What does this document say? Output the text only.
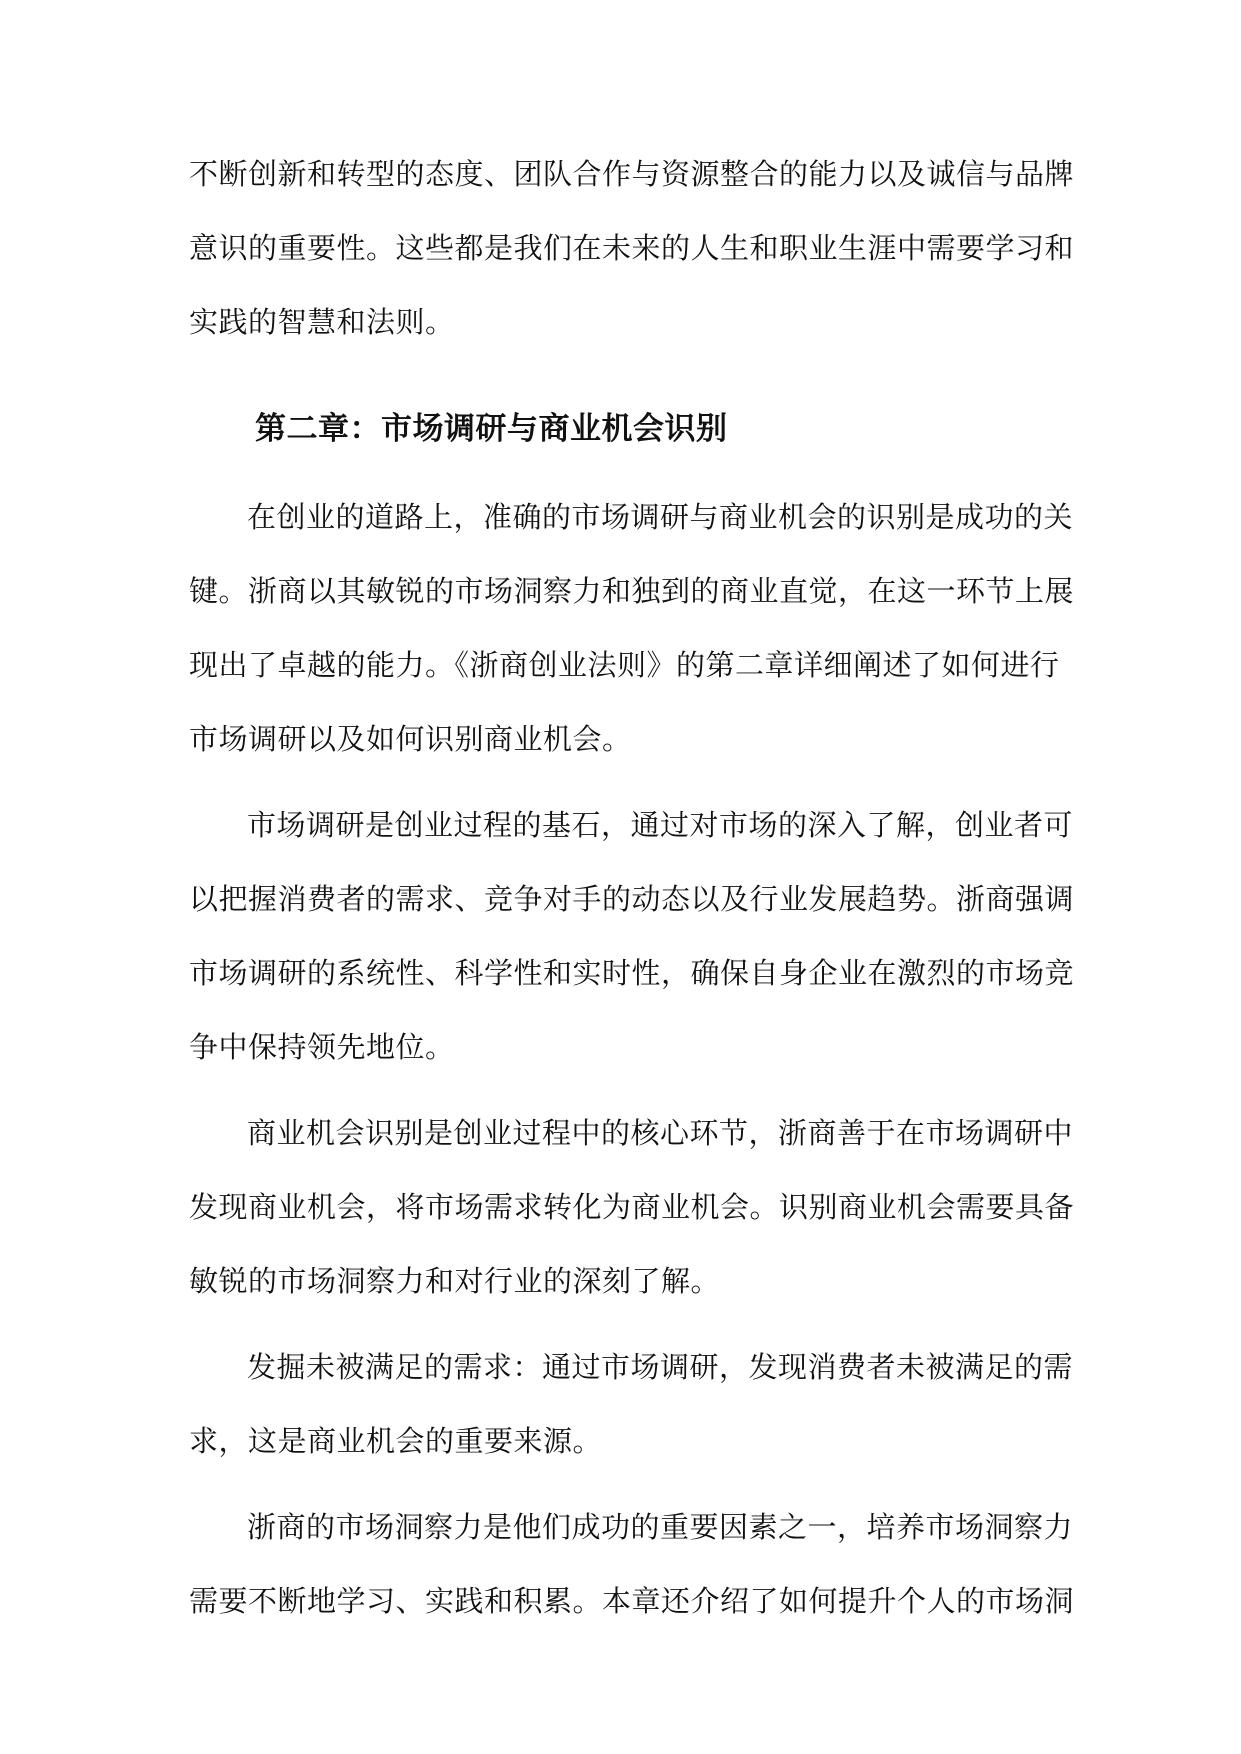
不断创新和转型的态度、团队合作与资源整合的能力以及诚信与品牌
意识的重要性。这些都是我们在未来的人生和职业生涯中需要学习和
实践的智慧和法则。
第二章：市场调研与商业机会识别
在创业的道路上，准确的市场调研与商业机会的识别是成功的关
键。浙商以其敏锐的市场洞察力和独到的商业直觉，在这一环节上展
现出了卓越的能力。《浙商创业法则》的第二章详细阐述了如何进行
市场调研以及如何识别商业机会。
市场调研是创业过程的基石，通过对市场的深入了解，创业者可
以把握消费者的需求、竞争对手的动态以及行业发展趋势。浙商强调
市场调研的系统性、科学性和实时性，确保自身企业在激烈的市场竞
争中保持领先地位。
商业机会识别是创业过程中的核心环节，浙商善于在市场调研中
发现商业机会，将市场需求转化为商业机会。识别商业机会需要具备
敏锐的市场洞察力和对行业的深刻了解。
发掘未被满足的需求：通过市场调研，发现消费者未被满足的需
求，这是商业机会的重要来源。
浙商的市场洞察力是他们成功的重要因素之一，培养市场洞察力
需要不断地学习、实践和积累。本章还介绍了如何提升个人的市场洞
